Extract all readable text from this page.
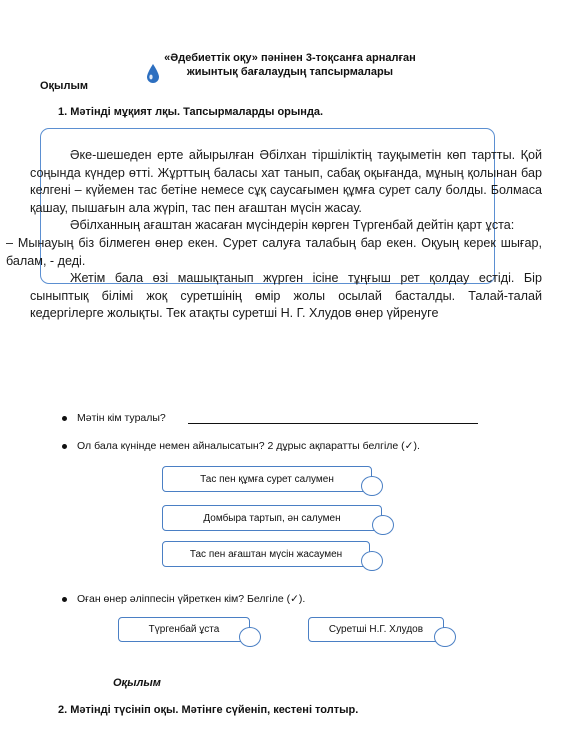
«Әдебиеттік оқу» пәнінен 3-тоқсанға арналған
жиынтық бағалаудың тапсырмалары
Оқылым
1. Мәтінді мұқият лқы. Тапсырмаларды орында.

Әке-шешеден ерте айырылған Әбілхан тіршіліктің тауқыметін көп тартты. Қой соңында күндер өтті. Жұрттың баласы хат танып, сабақ оқығанда, мұның қолынан бар келгені – күйемен тас бетіне немесе сұқ саусағымен құмға сурет салу болды. Болмаса қашау, пышағын ала жүріп, тас пен ағаштан мүсін жасау.

Әбілханның ағаштан жасаған мүсіндерін көрген Түргенбай дейтін қарт ұста:

– Мынауың біз білмеген өнер екен. Сурет салуға талабың бар екен. Оқуың керек шығар, балам, - деді.

Жетім бала өзі машықтанып жүрген ісіне тұңғыш рет қолдау естіді. Бір сыныптық білімі жоқ суретшінің өмір жолы осылай басталды. Талай-талай кедергілерге жолықты. Тек атақты суретші Н. Г. Хлудов өнер үйренуге

Мәтін кім туралы?
Ол бала күнінде немен айналысатын? 2 дұрыс ақпаратты белгіле (✓).
Тас пен құмға сурет салумен
Домбыра тартып, ән салумен
Тас пен ағаштан мүсін жасаумен
Оған өнер әліппесін үйреткен кім? Белгіле (✓).
Түргенбай ұста	Суретші Н.Г. Хлудов
Оқылым
2. Мәтінді түсініп оқы. Мәтінге сүйеніп, кестені толтыр.
